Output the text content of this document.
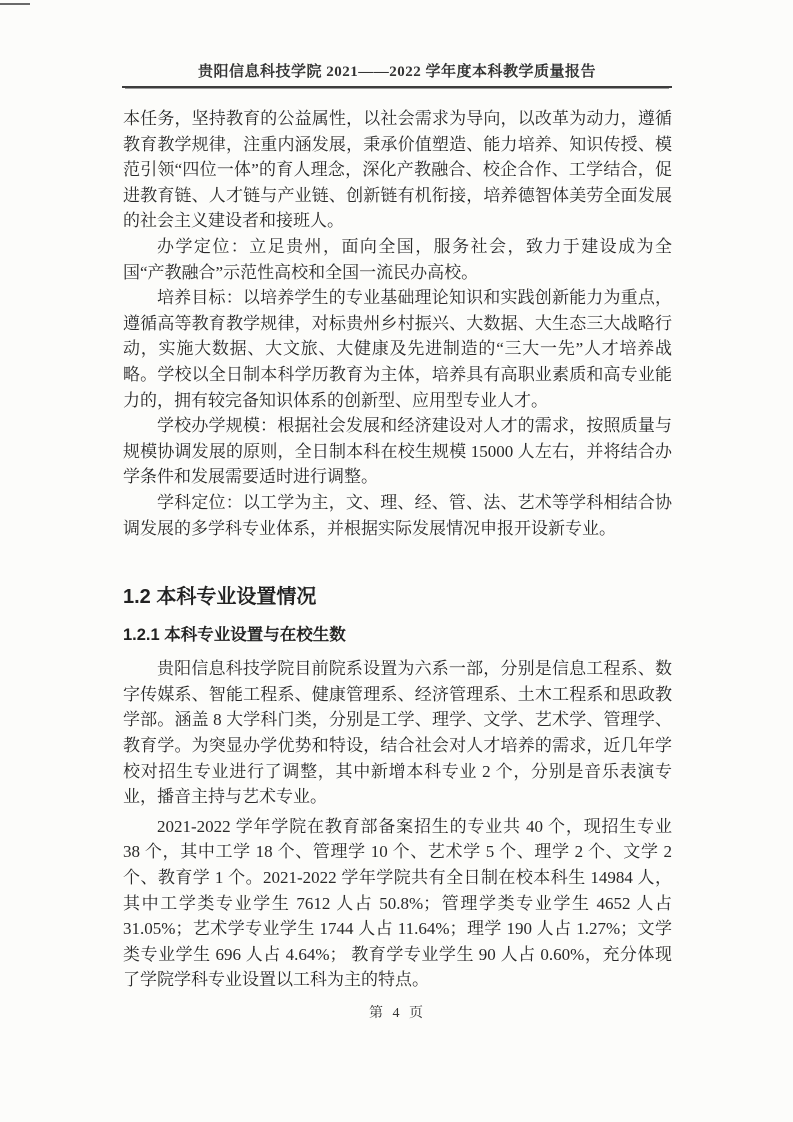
贵阳信息科技学院 2021——2022 学年度本科教学质量报告

本任务，坚持教育的公益属性，以社会需求为导向，以改革为动力，遵循教育教学规律，注重内涵发展，秉承价值塑造、能力培养、知识传授、模范引领“四位一体”的育人理念，深化产教融合、校企合作、工学结合，促进教育链、人才链与产业链、创新链有机衔接，培养德智体美劳全面发展的社会主义建设者和接班人。

办学定位：立足贵州，面向全国，服务社会，致力于建设成为全国“产教融合”示范性高校和全国一流民办高校。

培养目标：以培养学生的专业基础理论知识和实践创新能力为重点，遵循高等教育教学规律，对标贵州乡村振兴、大数据、大生态三大战略行动，实施大数据、大文旅、大健康及先进制造的“三大一先”人才培养战略。学校以全日制本科学历教育为主体，培养具有高职业素质和高专业能力的，拥有较完备知识体系的创新型、应用型专业人才。

学校办学规模：根据社会发展和经济建设对人才的需求，按照质量与规模协调发展的原则，全日制本科在校生规模 15000 人左右，并将结合办学条件和发展需要适时进行调整。

学科定位：以工学为主，文、理、经、管、法、艺术等学科相结合协调发展的多学科专业体系，并根据实际发展情况申报开设新专业。

1.2 本科专业设置情况
1.2.1 本科专业设置与在校生数

贵阳信息科技学院目前院系设置为六系一部，分别是信息工程系、数字传媒系、智能工程系、健康管理系、经济管理系、土木工程系和思政教学部。涵盖 8 大学科门类，分别是工学、理学、文学、艺术学、管理学、教育学。为突显办学优势和特设，结合社会对人才培养的需求，近几年学校对招生专业进行了调整，其中新增本科专业 2 个，分别是音乐表演专业，播音主持与艺术专业。

2021-2022 学年学院在教育部备案招生的专业共 40 个，现招生专业 38 个，其中工学 18 个、管理学 10 个、艺术学 5 个、理学 2 个、文学 2 个、教育学 1 个。2021-2022 学年学院共有全日制在校本科生 14984 人，其中工学类专业学生 7612 人占 50.8%；管理学类专业学生 4652 人占 31.05%；艺术学专业学生 1744 人占 11.64%；理学 190 人占 1.27%；文学类专业学生 696 人占 4.64%； 教育学专业学生 90 人占 0.60%，充分体现了学院学科专业设置以工科为主的特点。

第 4 页
